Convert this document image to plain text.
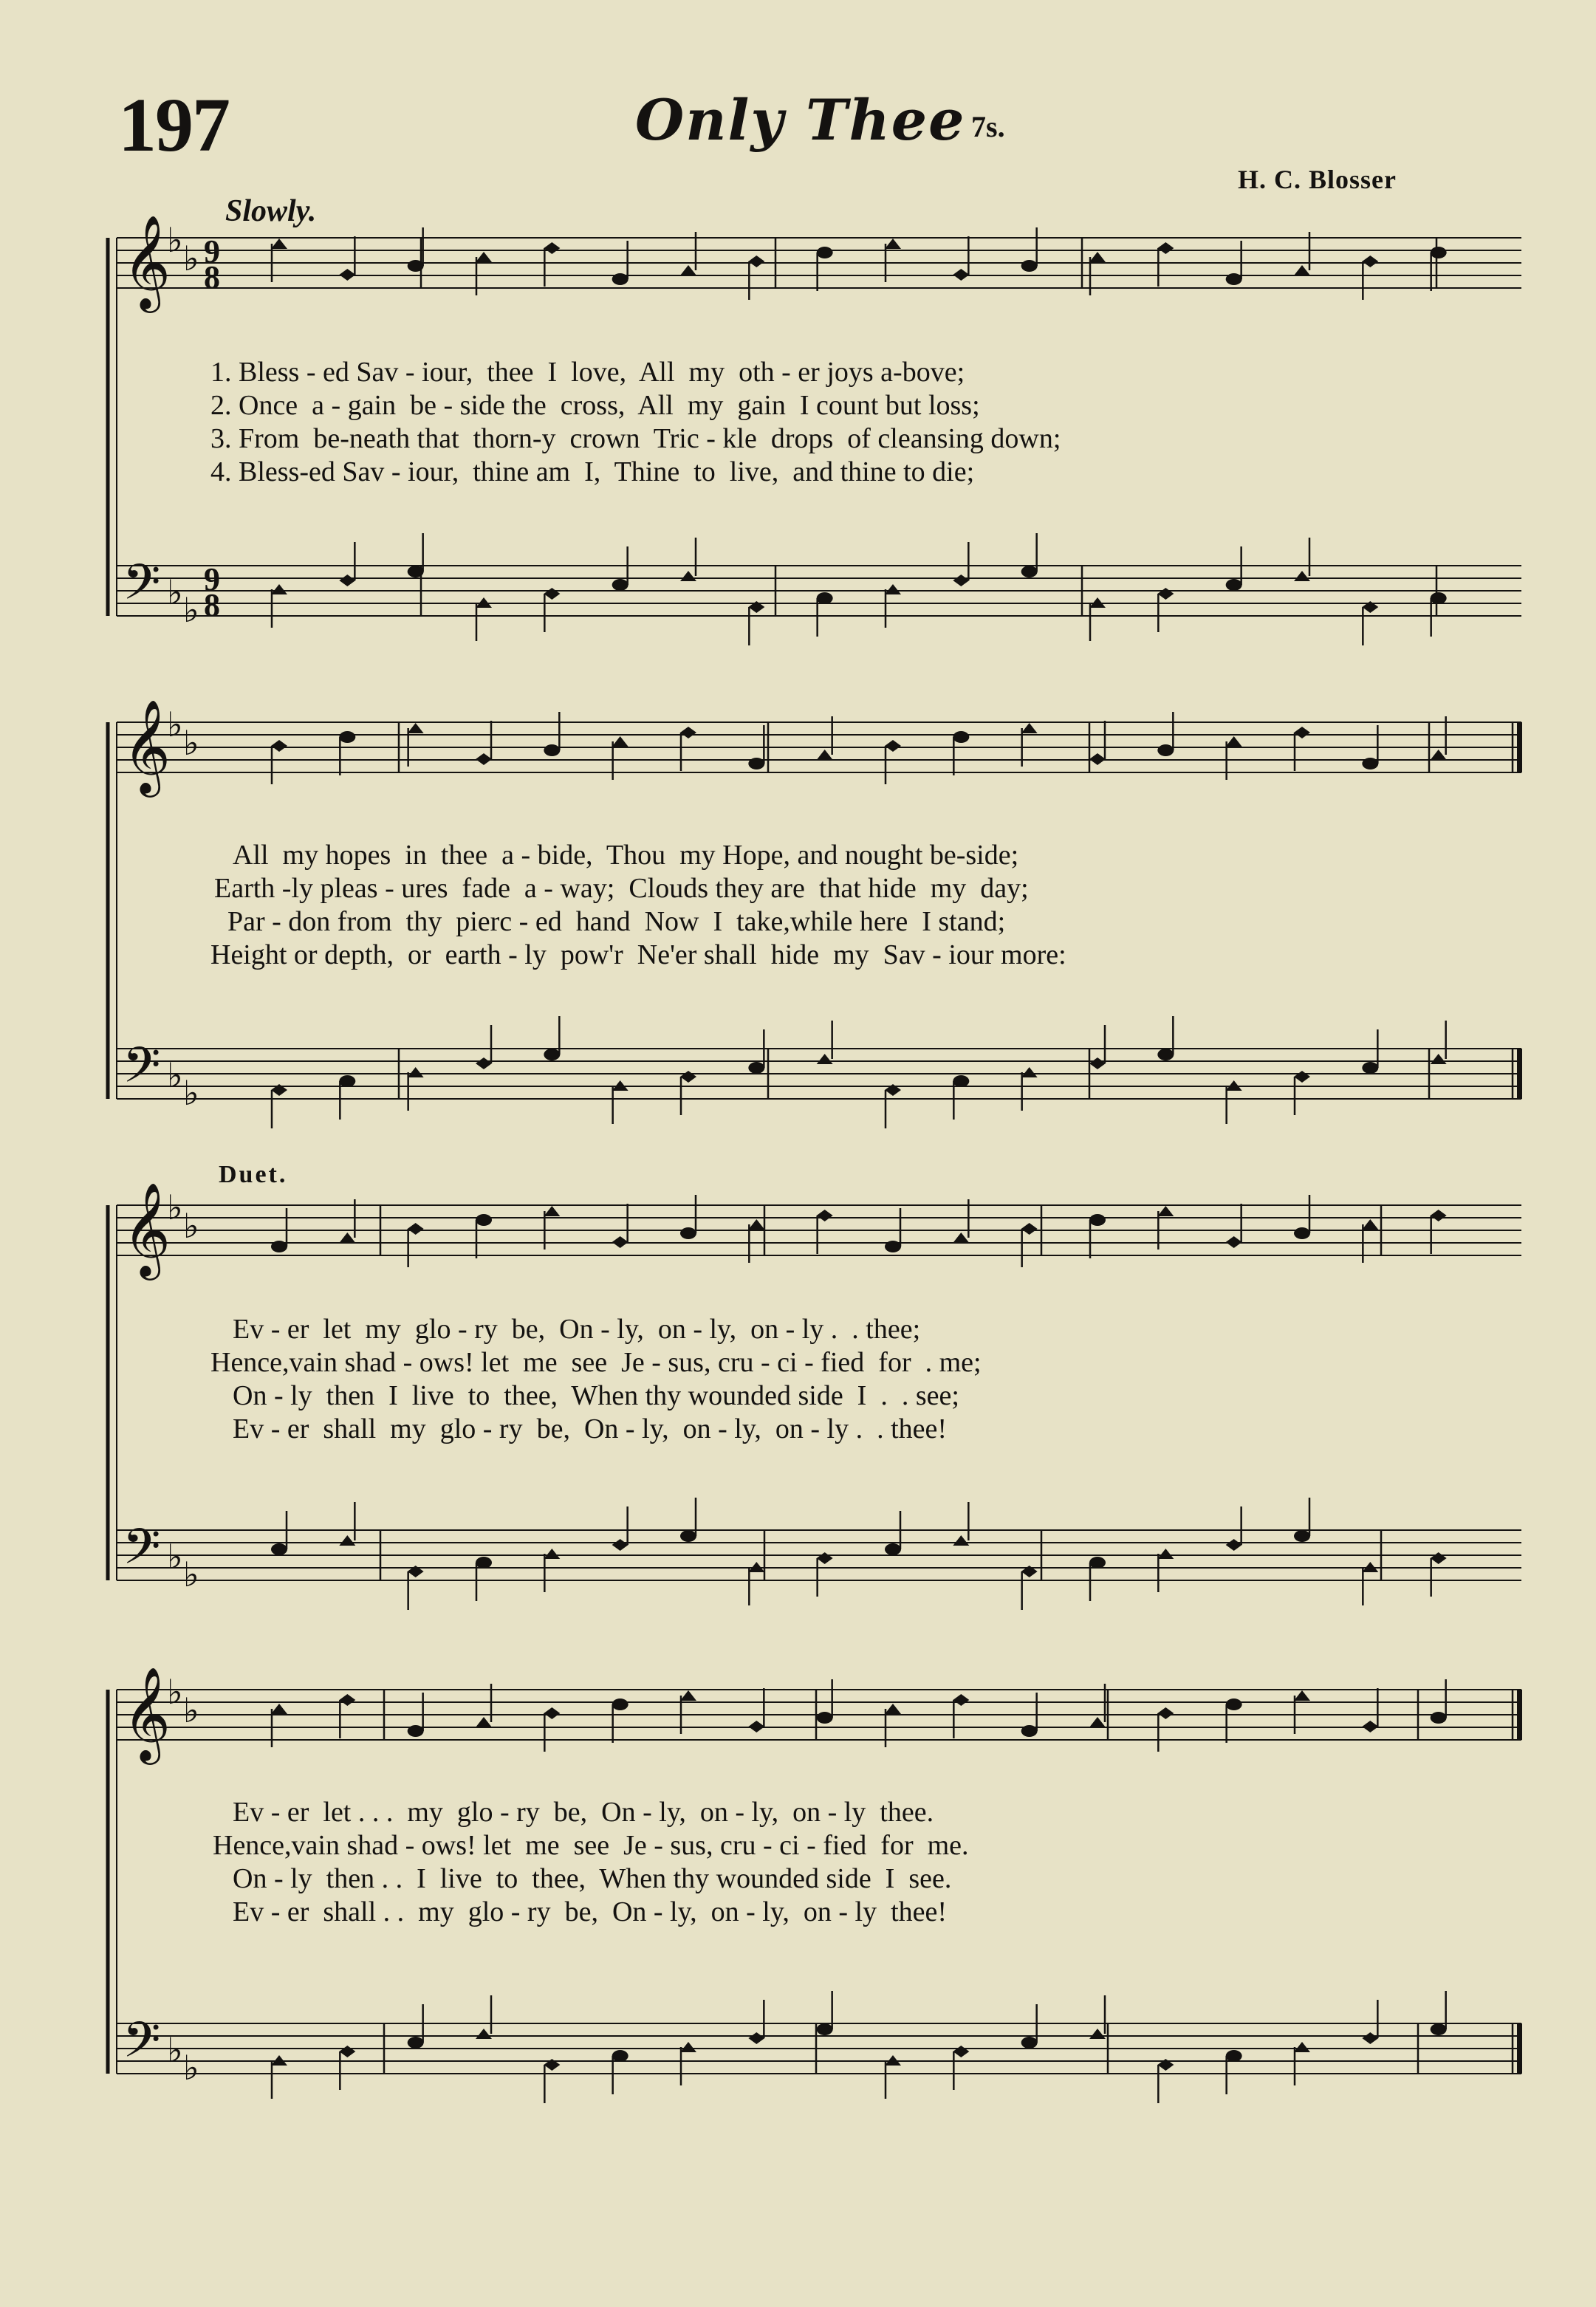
197	Only Thee 7s.
H. C. Blosser
Slowly.
Duet.
𝄞
♭ ♭ 9
8
𝄢 ♭ ♭
9
8
𝄞
♭ ♭
𝄢 ♭ ♭
𝄞
♭ ♭
𝄢 ♭ ♭
𝄞
♭ ♭
𝄢 ♭ ♭
1. Bless - ed Sav - iour,  thee  I  love,  All  my  oth - er joys a-bove;
2. Once  a - gain  be - side the  cross,  All  my  gain  I count but loss;
3. From  be-neath that  thorn-y  crown  Tric - kle  drops  of cleansing down;
4. Bless-ed Sav - iour,  thine am  I,  Thine  to  live,  and thine to die;
All  my hopes  in  thee  a - bide,  Thou  my Hope, and nought be-side;
Earth -ly pleas - ures  fade  a - way;  Clouds they are  that hide  my  day;
Par - don from  thy  pierc - ed  hand  Now  I  take,while here  I stand;
Height or depth,  or  earth - ly  pow'r  Ne'er shall  hide  my  Sav - iour more:
Ev - er  let  my  glo - ry  be,  On - ly,  on - ly,  on - ly .  . thee;
Hence,vain shad - ows! let  me  see  Je - sus, cru - ci - fied  for  . me;
On - ly  then  I  live  to  thee,  When thy wounded side  I  .  . see;
Ev - er  shall  my  glo - ry  be,  On - ly,  on - ly,  on - ly .  . thee!
Ev - er  let . . .  my  glo - ry  be,  On - ly,  on - ly,  on - ly  thee.
Hence,vain shad - ows! let  me  see  Je - sus, cru - ci - fied  for  me.
On - ly  then . .  I  live  to  thee,  When thy wounded side  I  see.
Ev - er  shall . .  my  glo - ry  be,  On - ly,  on - ly,  on - ly  thee!
